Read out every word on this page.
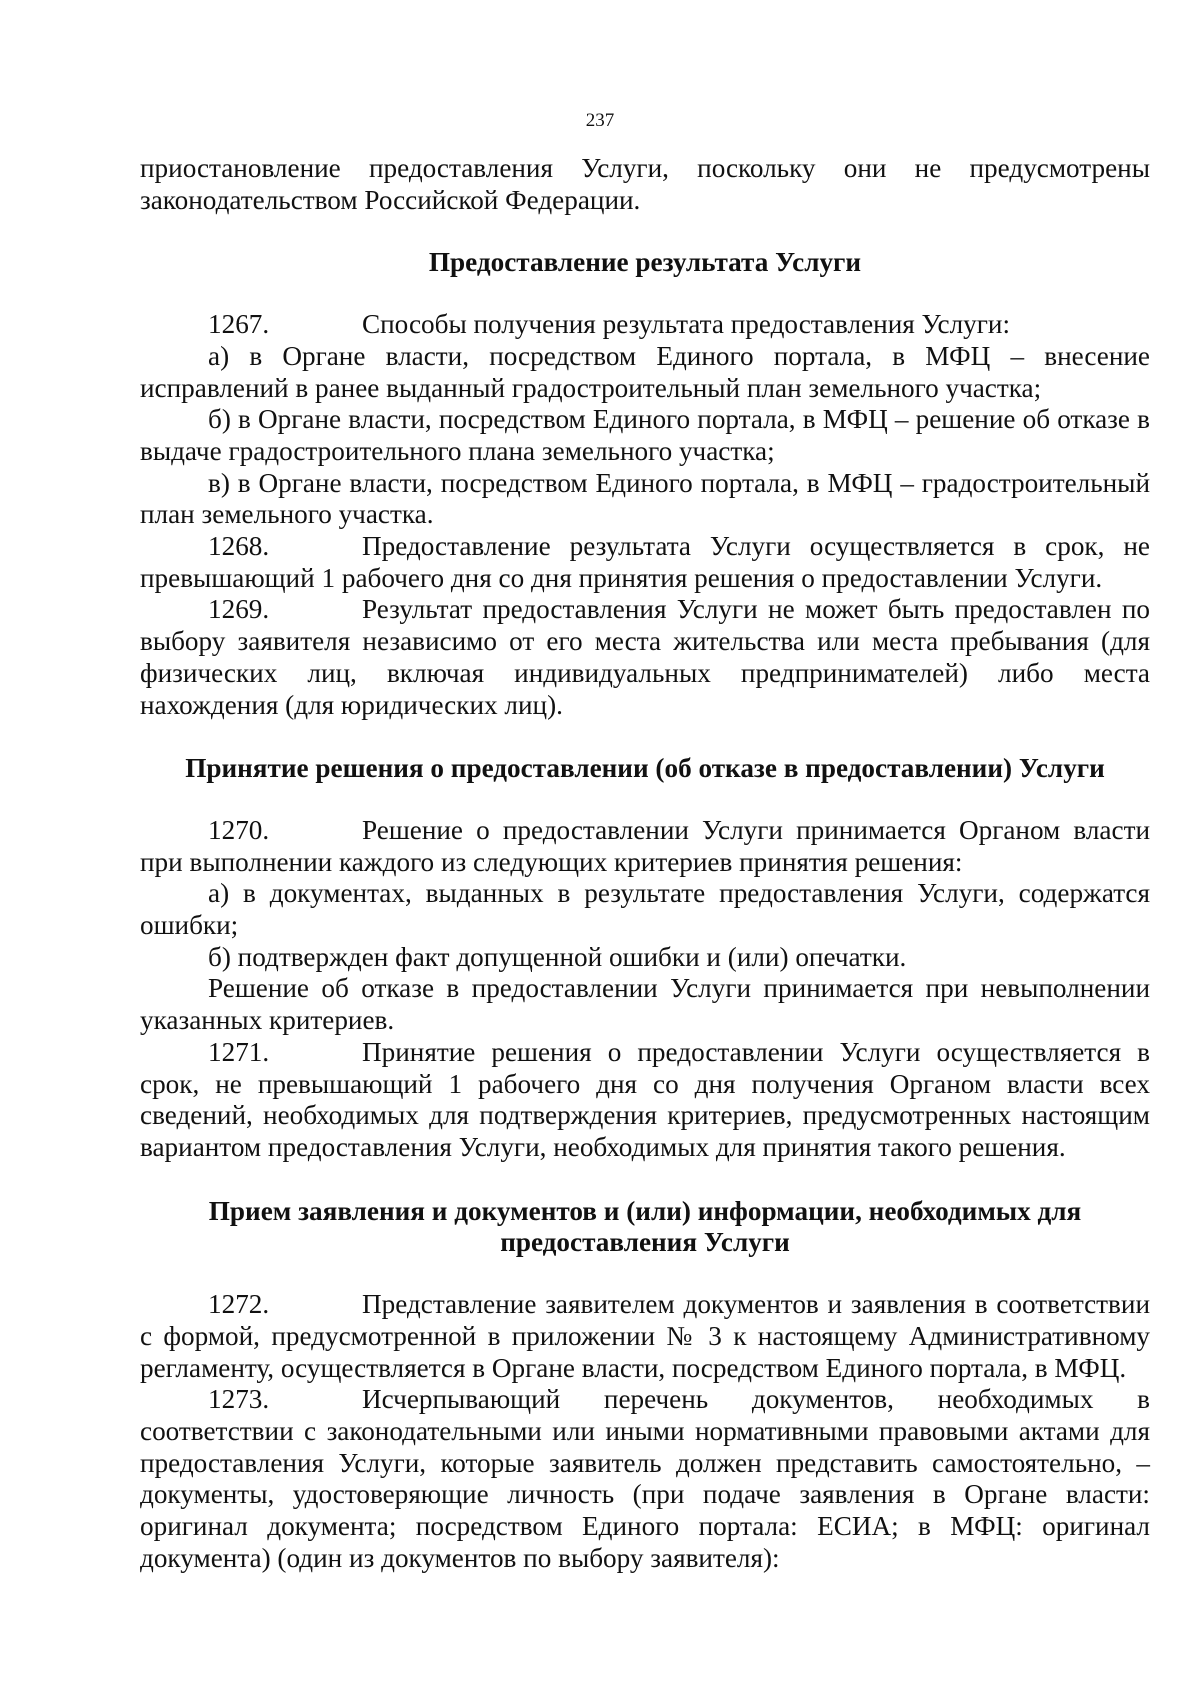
237

приостановление предоставления Услуги, поскольку они не предусмотрены законодательством Российской Федерации.

Предоставление результата Услуги

1267.	Способы получения результата предоставления Услуги:

а) в Органе власти, посредством Единого портала, в МФЦ – внесение исправлений в ранее выданный градостроительный план земельного участка;

б) в Органе власти, посредством Единого портала, в МФЦ – решение об отказе в выдаче градостроительного плана земельного участка;

в) в Органе власти, посредством Единого портала, в МФЦ – градостроительный план земельного участка.

1268.	Предоставление результата Услуги осуществляется в срок, не превышающий 1 рабочего дня со дня принятия решения о предоставлении Услуги.

1269.	Результат предоставления Услуги не может быть предоставлен по выбору заявителя независимо от его места жительства или места пребывания (для физических лиц, включая индивидуальных предпринимателей) либо места нахождения (для юридических лиц).

Принятие решения о предоставлении (об отказе в предоставлении) Услуги

1270.	Решение о предоставлении Услуги принимается Органом власти при выполнении каждого из следующих критериев принятия решения:

а) в документах, выданных в результате предоставления Услуги, содержатся ошибки;

б) подтвержден факт допущенной ошибки и (или) опечатки.

Решение об отказе в предоставлении Услуги принимается при невыполнении указанных критериев.

1271.	Принятие решения о предоставлении Услуги осуществляется в срок, не превышающий 1 рабочего дня со дня получения Органом власти всех сведений, необходимых для подтверждения критериев, предусмотренных настоящим вариантом предоставления Услуги, необходимых для принятия такого решения.

Прием заявления и документов и (или) информации, необходимых для предоставления Услуги

1272.	Представление заявителем документов и заявления в соответствии с формой, предусмотренной в приложении № 3 к настоящему Административному регламенту, осуществляется в Органе власти, посредством Единого портала, в МФЦ.

1273.	Исчерпывающий перечень документов, необходимых в соответствии с законодательными или иными нормативными правовыми актами для предоставления Услуги, которые заявитель должен представить самостоятельно, – документы, удостоверяющие личность (при подаче заявления в Органе власти: оригинал документа; посредством Единого портала: ЕСИА; в МФЦ: оригинал документа) (один из документов по выбору заявителя):
